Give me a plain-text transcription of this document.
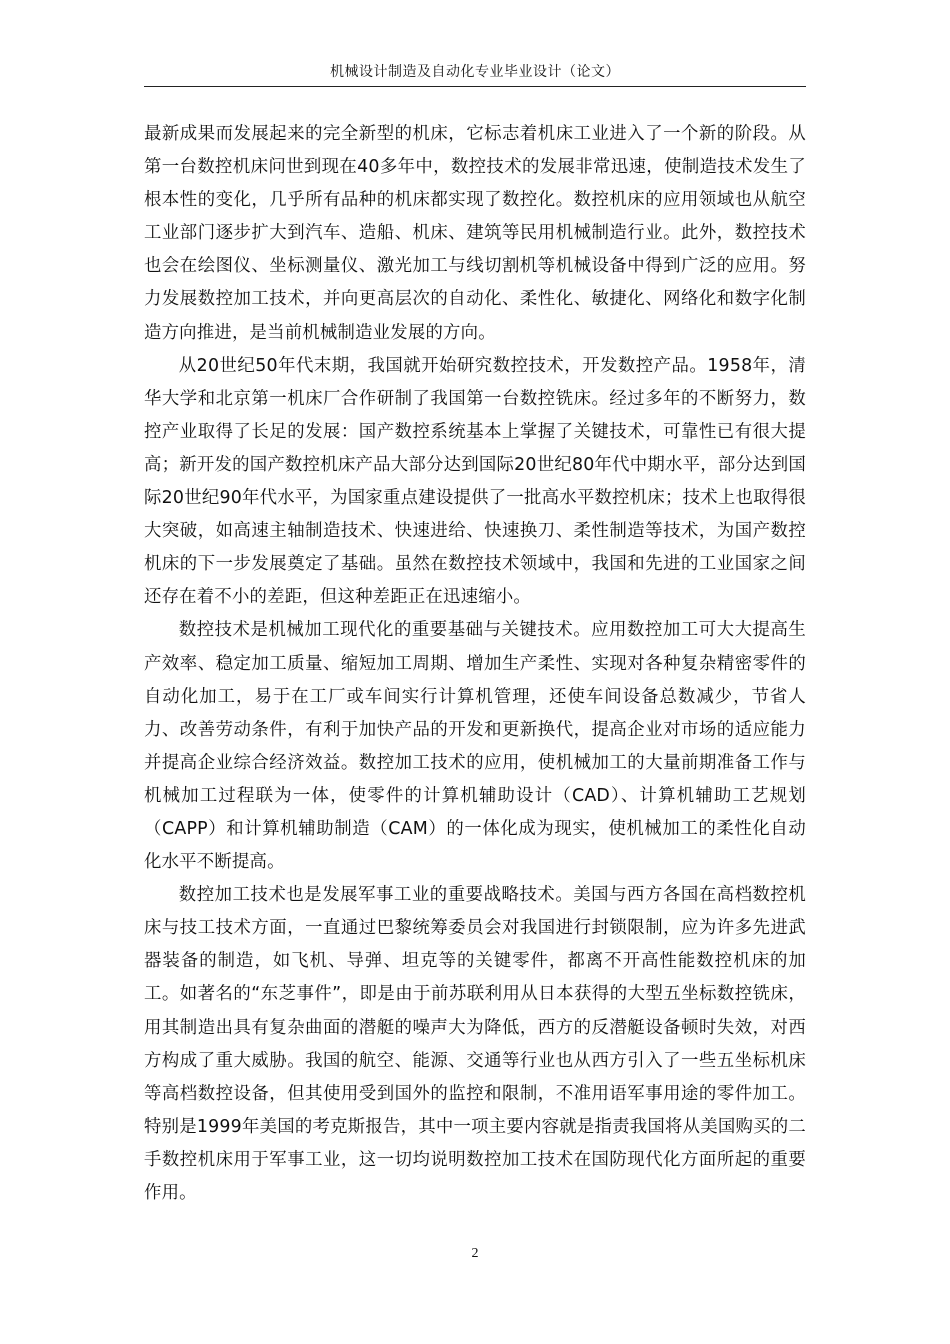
机械设计制造及自动化专业毕业设计（论文）

最新成果而发展起来的完全新型的机床，它标志着机床工业进入了一个新的阶段。从第一台数控机床问世到现在40多年中，数控技术的发展非常迅速，使制造技术发生了根本性的变化，几乎所有品种的机床都实现了数控化。数控机床的应用领域也从航空工业部门逐步扩大到汽车、造船、机床、建筑等民用机械制造行业。此外，数控技术也会在绘图仪、坐标测量仪、激光加工与线切割机等机械设备中得到广泛的应用。努力发展数控加工技术，并向更高层次的自动化、柔性化、敏捷化、网络化和数字化制造方向推进，是当前机械制造业发展的方向。

从20世纪50年代末期，我国就开始研究数控技术，开发数控产品。1958年，清华大学和北京第一机床厂合作研制了我国第一台数控铣床。经过多年的不断努力，数控产业取得了长足的发展：国产数控系统基本上掌握了关键技术，可靠性已有很大提高；新开发的国产数控机床产品大部分达到国际20世纪80年代中期水平，部分达到国际20世纪90年代水平，为国家重点建设提供了一批高水平数控机床；技术上也取得很大突破，如高速主轴制造技术、快速进给、快速换刀、柔性制造等技术，为国产数控机床的下一步发展奠定了基础。虽然在数控技术领域中，我国和先进的工业国家之间还存在着不小的差距，但这种差距正在迅速缩小。

数控技术是机械加工现代化的重要基础与关键技术。应用数控加工可大大提高生产效率、稳定加工质量、缩短加工周期、增加生产柔性、实现对各种复杂精密零件的自动化加工，易于在工厂或车间实行计算机管理，还使车间设备总数减少，节省人力、改善劳动条件，有利于加快产品的开发和更新换代，提高企业对市场的适应能力并提高企业综合经济效益。数控加工技术的应用，使机械加工的大量前期准备工作与机械加工过程联为一体，使零件的计算机辅助设计（CAD）、计算机辅助工艺规划（CAPP）和计算机辅助制造（CAM）的一体化成为现实，使机械加工的柔性化自动化水平不断提高。

数控加工技术也是发展军事工业的重要战略技术。美国与西方各国在高档数控机床与技工技术方面，一直通过巴黎统筹委员会对我国进行封锁限制，应为许多先进武器装备的制造，如飞机、导弹、坦克等的关键零件，都离不开高性能数控机床的加工。如著名的“东芝事件”，即是由于前苏联利用从日本获得的大型五坐标数控铣床，用其制造出具有复杂曲面的潜艇的噪声大为降低，西方的反潜艇设备顿时失效，对西方构成了重大威胁。我国的航空、能源、交通等行业也从西方引入了一些五坐标机床等高档数控设备，但其使用受到国外的监控和限制，不准用语军事用途的零件加工。特别是1999年美国的考克斯报告，其中一项主要内容就是指责我国将从美国购买的二手数控机床用于军事工业，这一切均说明数控加工技术在国防现代化方面所起的重要作用。

2
